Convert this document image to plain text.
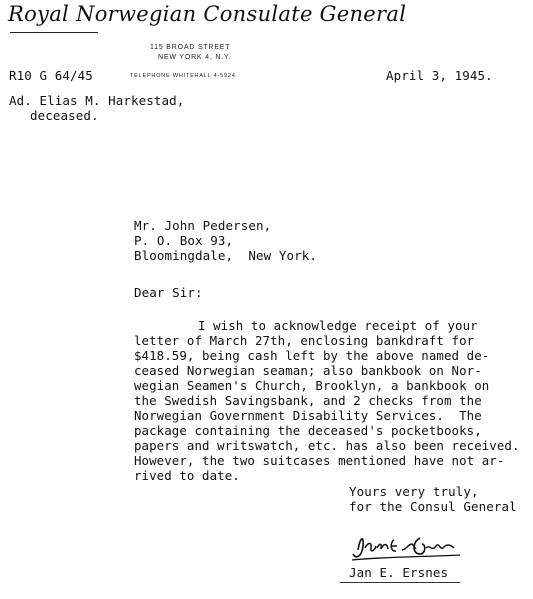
Royal Norwegian Consulate General
115 BROAD STREET
NEW YORK 4, N.Y.
TELEPHONE WHITEHALL 4-5924
R10 G 64/45	April 3, 1945.
Ad. Elias M. Harkestad,
deceased.
Mr. John Pedersen,
P. O. Box 93,
Bloomingdale,  New York.
Dear Sir:
I wish to acknowledge receipt of your
letter of March 27th, enclosing bankdraft for
$418.59, being cash left by the above named de-
ceased Norwegian seaman; also bankbook on Nor-
wegian Seamen's Church, Brooklyn, a bankbook on
the Swedish Savingsbank, and 2 checks from the
Norwegian Government Disability Services.  The
package containing the deceased's pocketbooks,
papers and writswatch, etc. has also been received.
However, the two suitcases mentioned have not ar-
rived to date.
Yours very truly,
for the Consul General
Jan E. Ersnes
